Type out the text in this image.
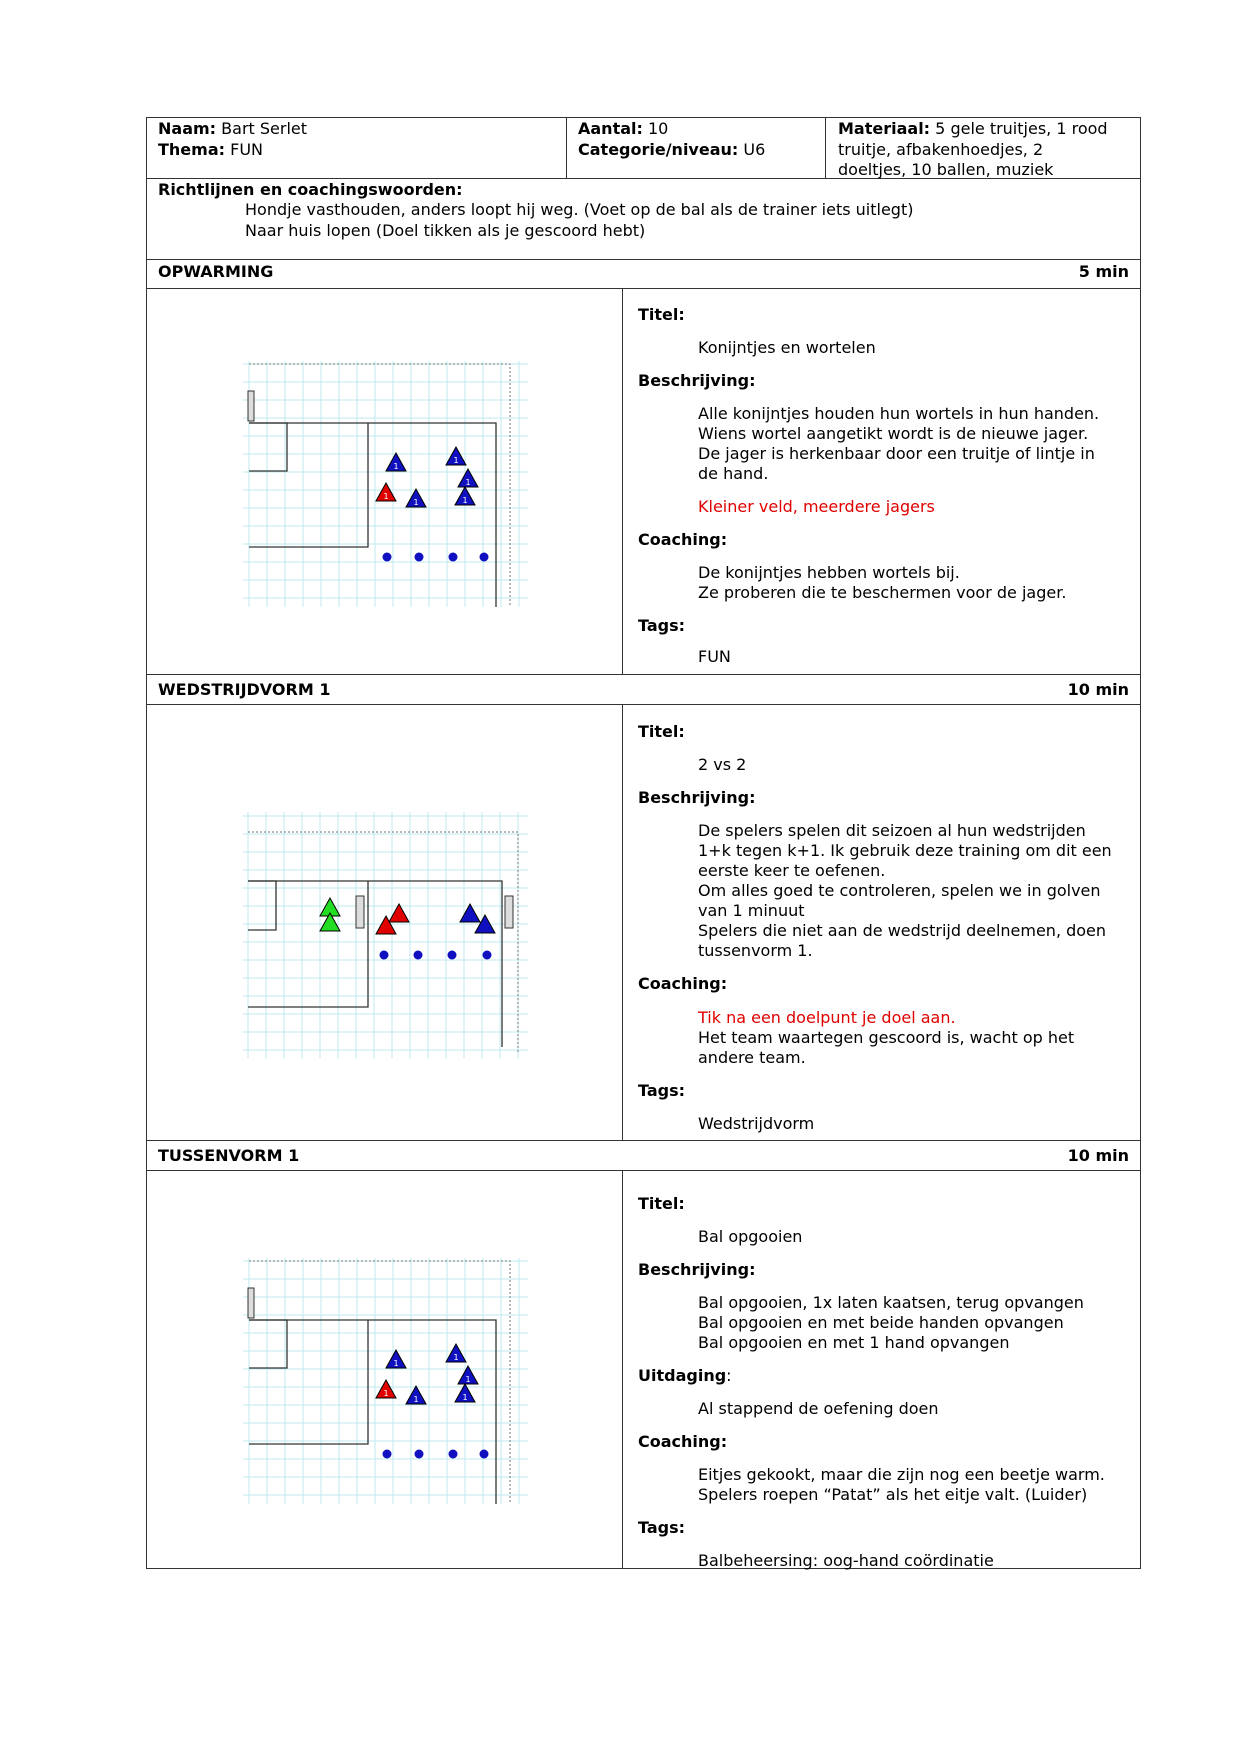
Naam: Bart Serlet
Thema: FUN
Aantal: 10
Categorie/niveau: U6
Materiaal: 5 gele truitjes, 1 rood
truitje, afbakenhoedjes, 2
doeltjes, 10 ballen, muziek
Richtlijnen en coachingswoorden:
Hondje vasthouden, anders loopt hij weg. (Voet op de bal als de trainer iets uitlegt)
Naar huis lopen (Doel tikken als je gescoord hebt)
OPWARMING	5 min
1
1
1
1
1	1
Titel:
Konijntjes en wortelen
Beschrijving:
Alle konijntjes houden hun wortels in hun handen.
Wiens wortel aangetikt wordt is de nieuwe jager.
De jager is herkenbaar door een truitje of lintje in
de hand.
Kleiner veld, meerdere jagers
Coaching:
De konijntjes hebben wortels bij.
Ze proberen die te beschermen voor de jager.
Tags:
FUN
WEDSTRIJDVORM 1	10 min
Titel:
2 vs 2
Beschrijving:
De spelers spelen dit seizoen al hun wedstrijden
1+k tegen k+1. Ik gebruik deze training om dit een
eerste keer te oefenen.
Om alles goed te controleren, spelen we in golven
van 1 minuut
Spelers die niet aan de wedstrijd deelnemen, doen
tussenvorm 1.
Coaching:
Tik na een doelpunt je doel aan.
Het team waartegen gescoord is, wacht op het
andere team.
Tags:
Wedstrijdvorm
TUSSENVORM 1	10 min
1
1
1
1
1	1
Titel:
Bal opgooien
Beschrijving:
Bal opgooien, 1x laten kaatsen, terug opvangen
Bal opgooien en met beide handen opvangen
Bal opgooien en met 1 hand opvangen
Uitdaging:
Al stappend de oefening doen
Coaching:
Eitjes gekookt, maar die zijn nog een beetje warm.
Spelers roepen “Patat” als het eitje valt. (Luider)
Tags:
Balbeheersing: oog-hand coördinatie
